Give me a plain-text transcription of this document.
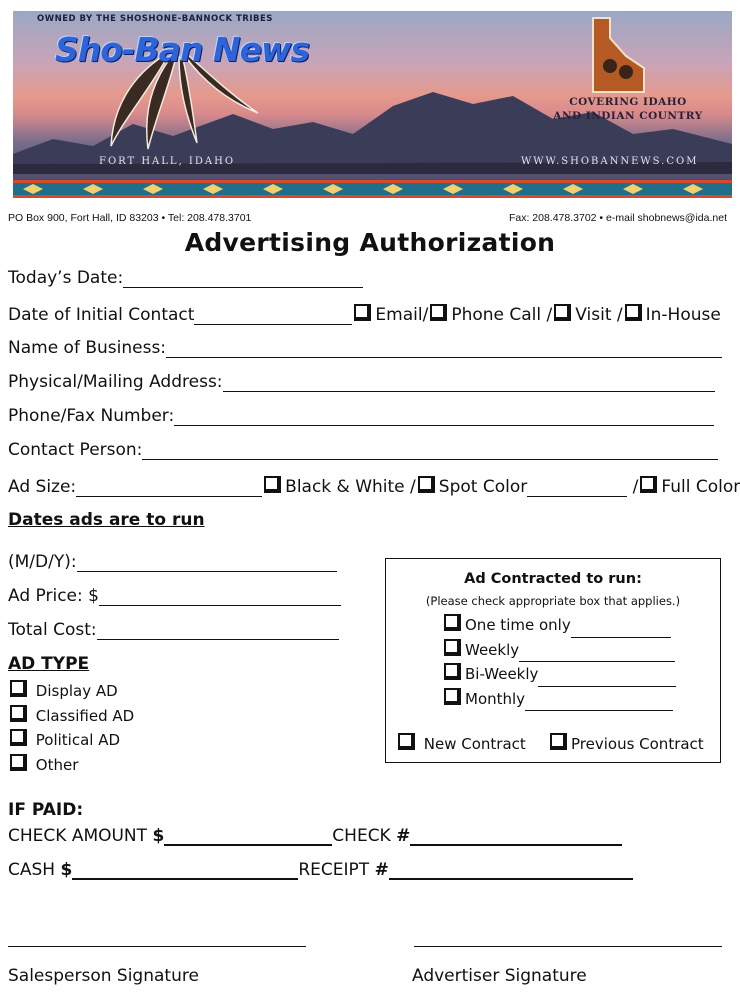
OWNED BY THE SHOSHONE-BANNOCK TRIBES
Sho-Ban News
COVERING IDAHO
AND INDIAN COUNTRY
FORT HALL, IDAHO	WWW.SHOBANNEWS.COM
PO Box 900, Fort Hall, ID 83203 • Tel: 208.478.3701	Fax: 208.478.3702 • e-mail shobnews@ida.net
Advertising Authorization
Today’s Date:
Date of Initial Contact	Email/ Phone Call / Visit / In-House
Name of Business:
Physical/Mailing Address:
Phone/Fax Number:
Contact Person:
Ad Size:	Black & White / Spot Color	/ Full Color
Dates ads are to run
(M/D/Y):
Ad Price: $
Total Cost:
AD TYPE
Display AD
Classified AD
Political AD
Other
Ad Contracted to run:
(Please check appropriate box that applies.)
One time only
Weekly
Bi-Weekly
Monthly
New Contract	Previous Contract
IF PAID:
CHECK AMOUNT $	CHECK #
CASH $	RECEIPT #
Salesperson Signature	Advertiser Signature
